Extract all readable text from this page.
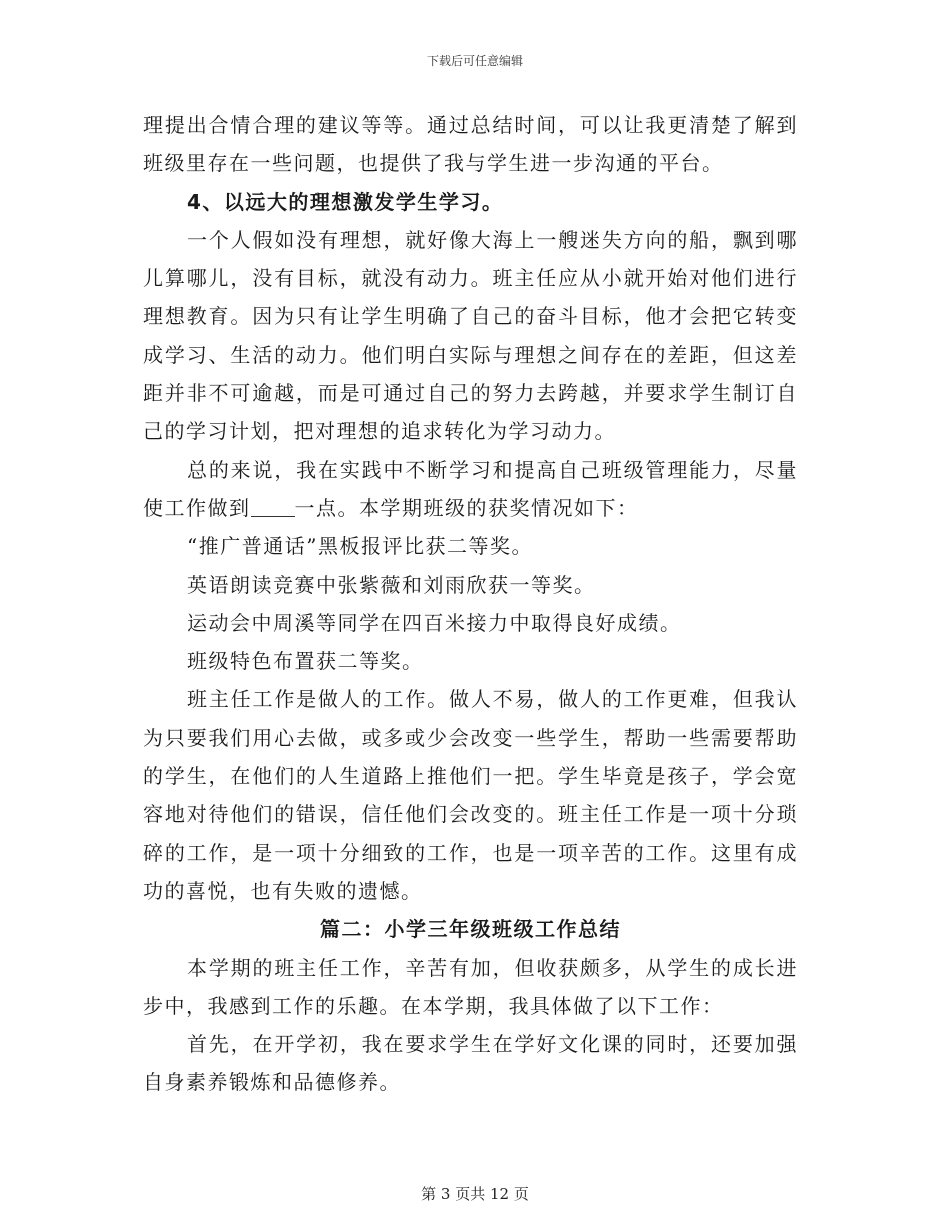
下载后可任意编辑

理提出合情合理的建议等等。通过总结时间，可以让我更清楚了解到班级里存在一些问题，也提供了我与学生进一步沟通的平台。

4、以远大的理想激发学生学习。

一个人假如没有理想，就好像大海上一艘迷失方向的船，飘到哪儿算哪儿，没有目标，就没有动力。班主任应从小就开始对他们进行理想教育。因为只有让学生明确了自己的奋斗目标，他才会把它转变成学习、生活的动力。他们明白实际与理想之间存在的差距，但这差距并非不可逾越，而是可通过自己的努力去跨越，并要求学生制订自己的学习计划，把对理想的追求转化为学习动力。

总的来说，我在实践中不断学习和提高自己班级管理能力，尽量使工作做到 一点。本学期班级的获奖情况如下：

“推广普通话”黑板报评比获二等奖。

英语朗读竞赛中张紫薇和刘雨欣获一等奖。

运动会中周溪等同学在四百米接力中取得良好成绩。

班级特色布置获二等奖。

班主任工作是做人的工作。做人不易，做人的工作更难，但我认为只要我们用心去做，或多或少会改变一些学生，帮助一些需要帮助的学生，在他们的人生道路上推他们一把。学生毕竟是孩子，学会宽容地对待他们的错误，信任他们会改变的。班主任工作是一项十分琐碎的工作，是一项十分细致的工作，也是一项辛苦的工作。这里有成功的喜悦，也有失败的遗憾。

篇二：小学三年级班级工作总结

本学期的班主任工作，辛苦有加，但收获颇多，从学生的成长进步中，我感到工作的乐趣。在本学期，我具体做了以下工作：

首先，在开学初，我在要求学生在学好文化课的同时，还要加强自身素养锻炼和品德修养。

第 3 页共 12 页
